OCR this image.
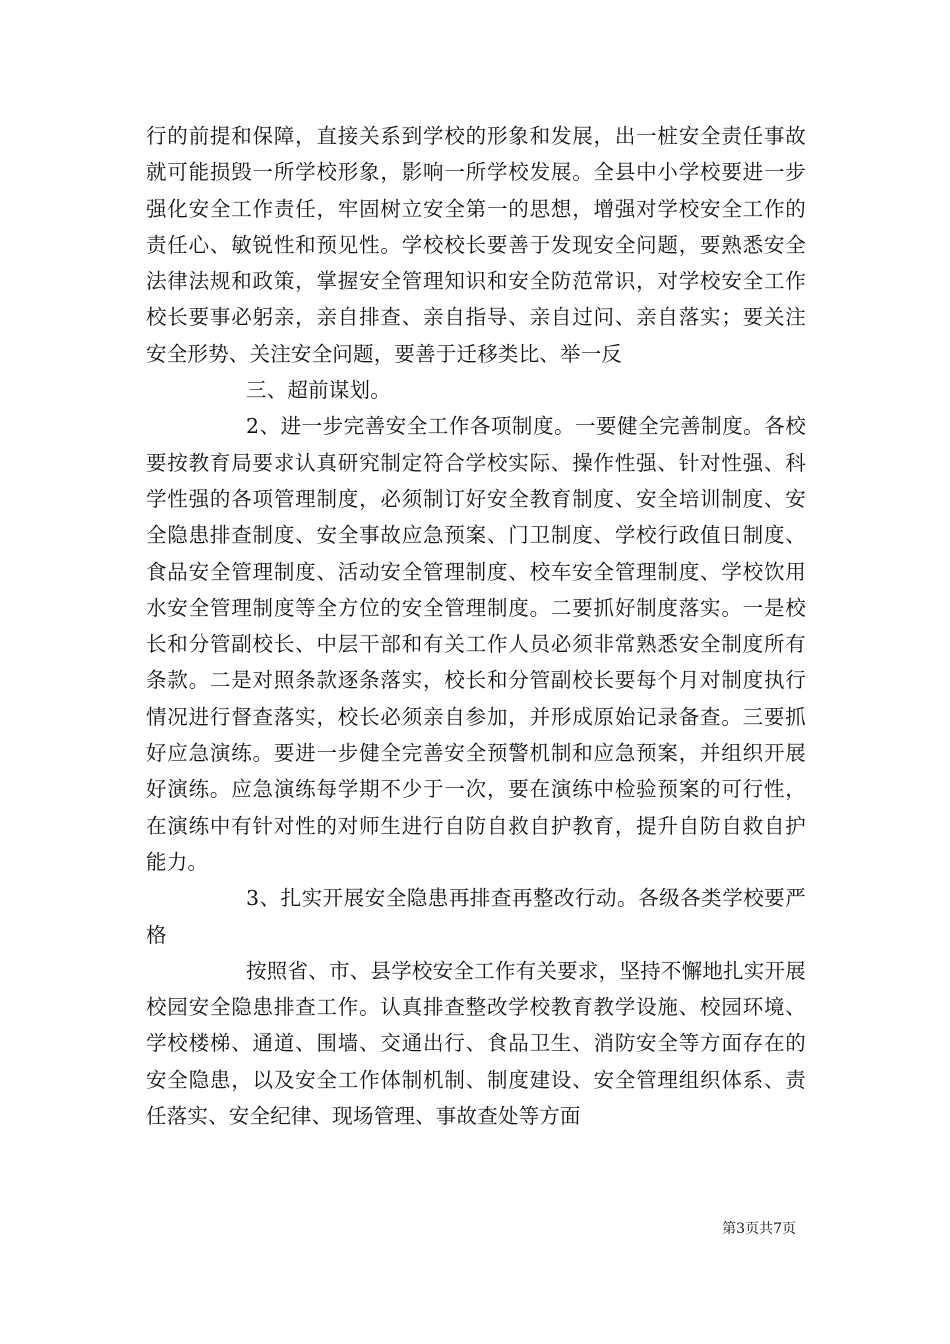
行的前提和保障，直接关系到学校的形象和发展，出一桩安全责任事故就可能损毁一所学校形象，影响一所学校发展。全县中小学校要进一步强化安全工作责任，牢固树立安全第一的思想，增强对学校安全工作的责任心、敏锐性和预见性。学校校长要善于发现安全问题，要熟悉安全法律法规和政策，掌握安全管理知识和安全防范常识，对学校安全工作校长要事必躬亲，亲自排查、亲自指导、亲自过问、亲自落实；要关注安全形势、关注安全问题，要善于迁移类比、举一反

三、超前谋划。

2、进一步完善安全工作各项制度。一要健全完善制度。各校要按教育局要求认真研究制定符合学校实际、操作性强、针对性强、科学性强的各项管理制度，必须制订好安全教育制度、安全培训制度、安全隐患排查制度、安全事故应急预案、门卫制度、学校行政值日制度、食品安全管理制度、活动安全管理制度、校车安全管理制度、学校饮用水安全管理制度等全方位的安全管理制度。二要抓好制度落实。一是校长和分管副校长、中层干部和有关工作人员必须非常熟悉安全制度所有条款。二是对照条款逐条落实，校长和分管副校长要每个月对制度执行情况进行督查落实，校长必须亲自参加，并形成原始记录备查。三要抓好应急演练。要进一步健全完善安全预警机制和应急预案，并组织开展好演练。应急演练每学期不少于一次，要在演练中检验预案的可行性，在演练中有针对性的对师生进行自防自救自护教育，提升自防自救自护能力。

3、扎实开展安全隐患再排查再整改行动。各级各类学校要严格

按照省、市、县学校安全工作有关要求，坚持不懈地扎实开展校园安全隐患排查工作。认真排查整改学校教育教学设施、校园环境、学校楼梯、通道、围墙、交通出行、食品卫生、消防安全等方面存在的安全隐患，以及安全工作体制机制、制度建设、安全管理组织体系、责任落实、安全纪律、现场管理、事故查处等方面

第3页共7页
